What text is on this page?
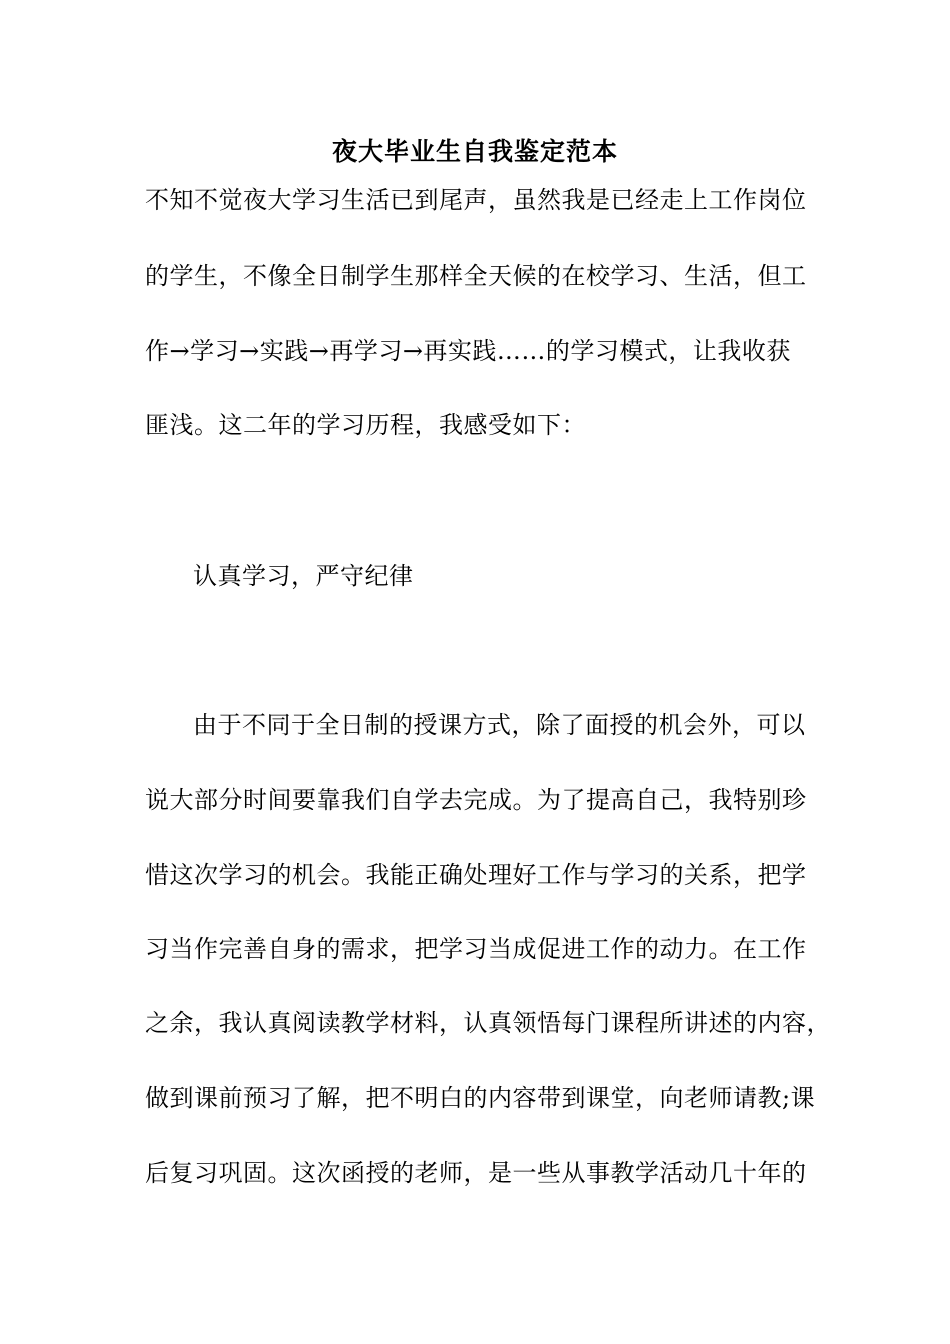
夜大毕业生自我鉴定范本
不知不觉夜大学习生活已到尾声，虽然我是已经走上工作岗位
的学生，不像全日制学生那样全天候的在校学习、生活，但工
作→学习→实践→再学习→再实践……的学习模式，让我收获
匪浅。这二年的学习历程，我感受如下：
认真学习，严守纪律
由于不同于全日制的授课方式，除了面授的机会外，可以
说大部分时间要靠我们自学去完成。为了提高自己，我特别珍
惜这次学习的机会。我能正确处理好工作与学习的关系，把学
习当作完善自身的需求，把学习当成促进工作的动力。在工作
之余，我认真阅读教学材料，认真领悟每门课程所讲述的内容，
做到课前预习了解，把不明白的内容带到课堂，向老师请教;课
后复习巩固。这次函授的老师，是一些从事教学活动几十年的
